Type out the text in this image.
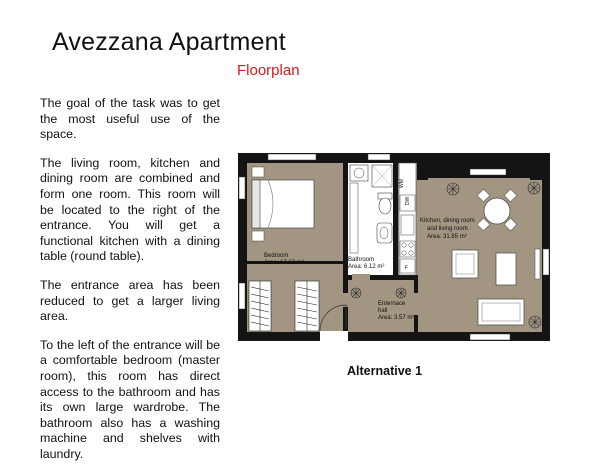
Avezzana Apartment
Floorplan

The goal of the task was to get the most useful use of the space.

The living room, kitchen and dining room are combined and form one room. This room will be located to the right of the entrance. You will get a functional kitchen with a dining table (round table).

The entrance area has been reduced to get a larger living area.

To the left of the entrance will be a comfortable bedroom (master room), this room has direct access to the bathroom and has its own large wardrobe. The bathroom also has a washing machine and shelves with laundry.

Bedroom
Area: 17.67 m²	Bathroom
Area: 6.12 m²
Enternace
hall
Area: 3.57 m²
Kitchen, dining room
and living room
Area: 31.85 m²
DW
WM
F
Alternative 1
